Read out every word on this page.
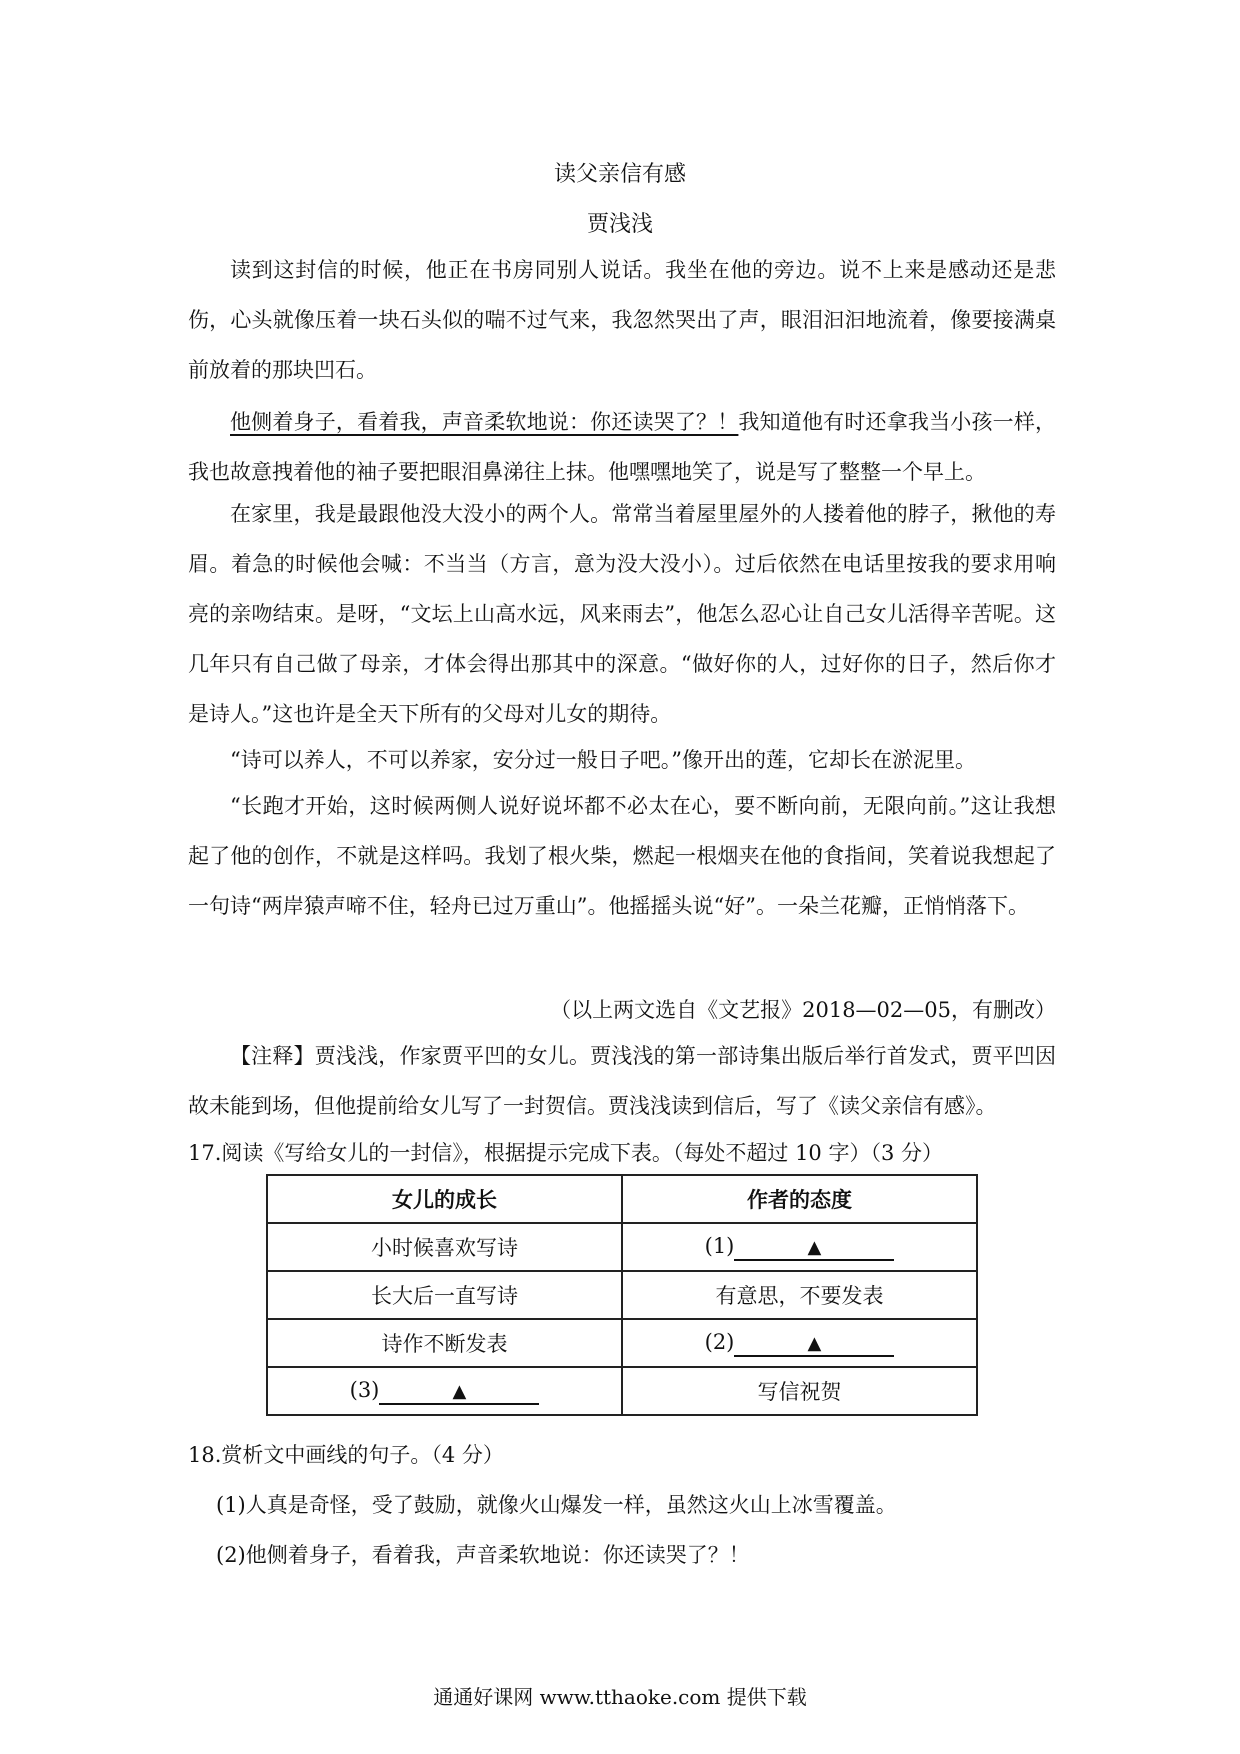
读父亲信有感
贾浅浅
读到这封信的时候，他正在书房同别人说话。我坐在他的旁边。说不上来是感动还是悲伤，心头就像压着一块石头似的喘不过气来，我忽然哭出了声，眼泪汩汩地流着，像要接满桌前放着的那块凹石。
他侧着身子，看着我，声音柔软地说：你还读哭了？！我知道他有时还拿我当小孩一样，我也故意拽着他的袖子要把眼泪鼻涕往上抹。他嘿嘿地笑了，说是写了整整一个早上。
在家里，我是最跟他没大没小的两个人。常常当着屋里屋外的人搂着他的脖子，揪他的寿眉。着急的时候他会喊：不当当（方言，意为没大没小）。过后依然在电话里按我的要求用响亮的亲吻结束。是呀，“文坛上山高水远，风来雨去”，他怎么忍心让自己女儿活得辛苦呢。这几年只有自己做了母亲，才体会得出那其中的深意。“做好你的人，过好你的日子，然后你才是诗人。”这也许是全天下所有的父母对儿女的期待。
“诗可以养人，不可以养家，安分过一般日子吧。”像开出的莲，它却长在淤泥里。
“长跑才开始，这时候两侧人说好说坏都不必太在心，要不断向前，无限向前。”这让我想起了他的创作，不就是这样吗。我划了根火柴，燃起一根烟夹在他的食指间，笑着说我想起了一句诗“两岸猿声啼不住，轻舟已过万重山”。他摇摇头说“好”。一朵兰花瓣，正悄悄落下。
（以上两文选自《文艺报》2018—02—05，有删改）
【注释】贾浅浅，作家贾平凹的女儿。贾浅浅的第一部诗集出版后举行首发式，贾平凹因故未能到场，但他提前给女儿写了一封贺信。贾浅浅读到信后，写了《读父亲信有感》。
17.阅读《写给女儿的一封信》，根据提示完成下表。（每处不超过 10 字）（3 分）
女儿的成长	作者的态度
小时候喜欢写诗	(1) ▲
长大后一直写诗	有意思，不要发表
诗作不断发表	(2) ▲
(3) ▲	写信祝贺
18.赏析文中画线的句子。（4 分）
(1)人真是奇怪，受了鼓励，就像火山爆发一样，虽然这火山上冰雪覆盖。
(2)他侧着身子，看着我，声音柔软地说：你还读哭了？！
通通好课网 www.tthaoke.com 提供下载
